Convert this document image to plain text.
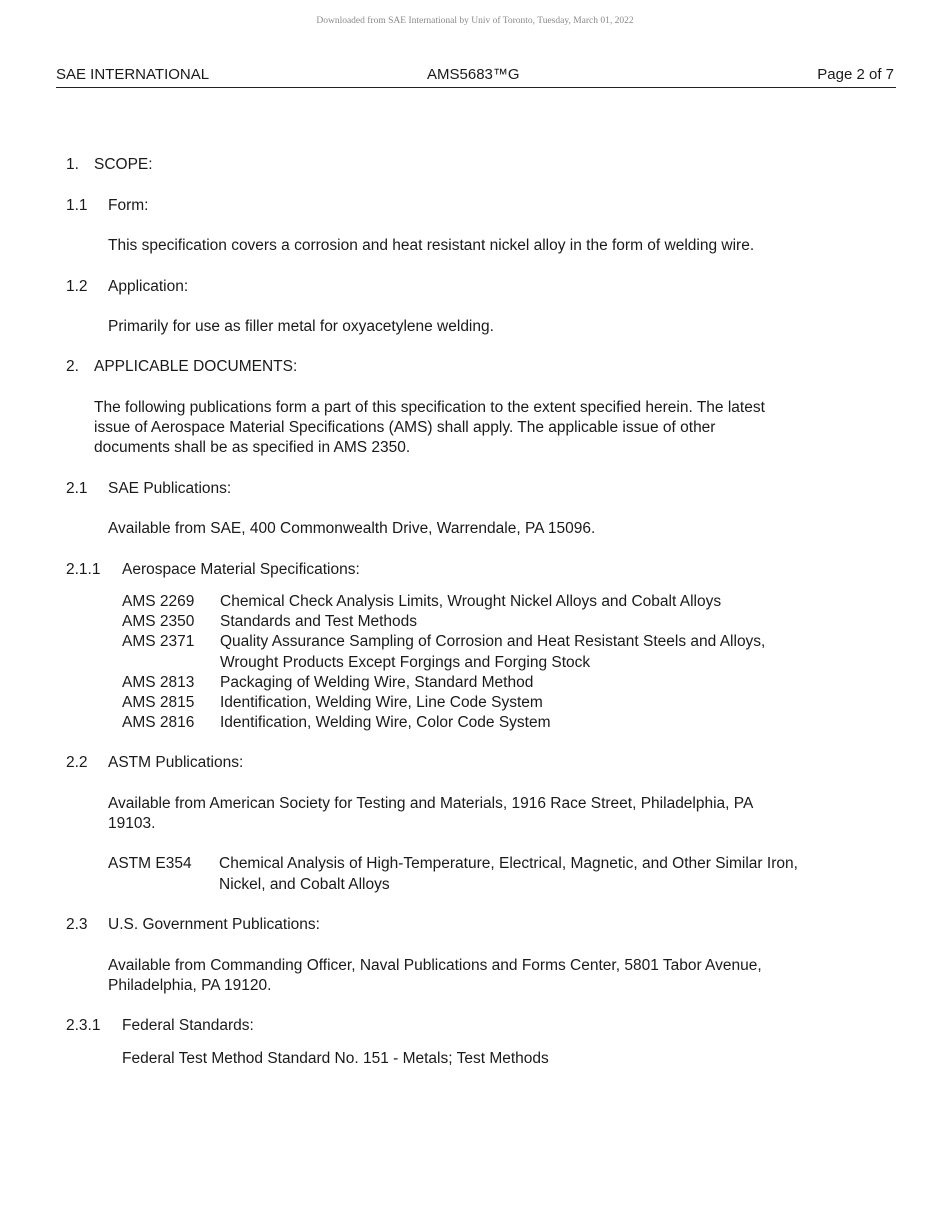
Downloaded from SAE International by Univ of Toronto, Tuesday, March 01, 2022
SAE INTERNATIONAL	AMS5683™G	Page 2 of 7
1. SCOPE:
1.1 Form:
This specification covers a corrosion and heat resistant nickel alloy in the form of welding wire.
1.2 Application:
Primarily for use as filler metal for oxyacetylene welding.
2. APPLICABLE DOCUMENTS:
The following publications form a part of this specification to the extent specified herein. The latest
issue of Aerospace Material Specifications (AMS) shall apply. The applicable issue of other
documents shall be as specified in AMS 2350.
2.1 SAE Publications:
Available from SAE, 400 Commonwealth Drive, Warrendale, PA 15096.
2.1.1 Aerospace Material Specifications:
AMS 2269 Chemical Check Analysis Limits, Wrought Nickel Alloys and Cobalt Alloys
AMS 2350 Standards and Test Methods
AMS 2371 Quality Assurance Sampling of Corrosion and Heat Resistant Steels and Alloys,
Wrought Products Except Forgings and Forging Stock
AMS 2813 Packaging of Welding Wire, Standard Method
AMS 2815 Identification, Welding Wire, Line Code System
AMS 2816 Identification, Welding Wire, Color Code System
2.2 ASTM Publications:
Available from American Society for Testing and Materials, 1916 Race Street, Philadelphia, PA
19103.
ASTM E354 Chemical Analysis of High-Temperature, Electrical, Magnetic, and Other Similar Iron,
Nickel, and Cobalt Alloys
2.3 U.S. Government Publications:
Available from Commanding Officer, Naval Publications and Forms Center, 5801 Tabor Avenue,
Philadelphia, PA 19120.
2.3.1 Federal Standards:
Federal Test Method Standard No. 151 - Metals; Test Methods
